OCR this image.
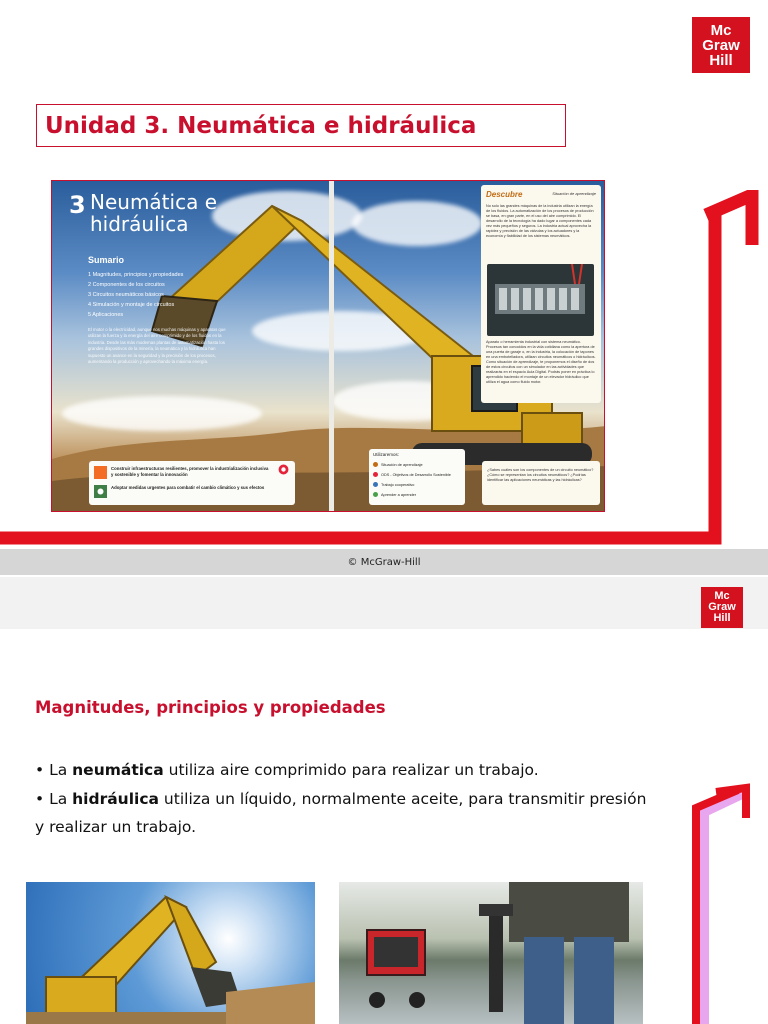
Mc
Graw
Hill
Unidad 3. Neumática e hidráulica
3 Neumática e hidráulica
Sumario
1 Magnitudes, principios y propiedades
2 Componentes de los circuitos
3 Circuitos neumáticos básicos
4 Simulación y montaje de circuitos
5 Aplicaciones
El motor o la electricidad, aunque nos muchas máquinas y aparatos que utilizan la fuerza y la energía del aire comprimido y de los fluidos en la industria. Desde las más modernas plantas de automatización hasta los grandes dispositivos de la minería, la neumática y la hidráulica han supuesto un avance en la seguridad y la precisión de los procesos, aumentando la producción y aprovechando la máxima energía.
Construir infraestructuras resilientes, promover la industrialización inclusiva y sostenible y fomentar la innovación
Adoptar medidas urgentes para combatir el cambio climático y sus efectos
Utilizaremos:
Situación de aprendizaje
ODS - Objetivos de Desarrollo Sostenible
Trabajo cooperativo
Aprender a aprender
Descubre	Situación de aprendizaje
No solo las grandes máquinas de la industria utilizan la energía de los fluidos. La automatización de los procesos de producción se basa, en gran parte, en el uso del aire comprimido. El desarrollo de la tecnología ha dado lugar a componentes cada vez más pequeños y seguros. La industria actual aprovecha la rapidez y precisión de las válvulas y los actuadores y la economía y fiabilidad de los sistemas neumáticos.
Aparato o herramienta industrial con sistema neumático. Procesos tan conocidos en la vida cotidiana como la apertura de una puerta de garaje o, en la industria, la colocación de tapones en una embotelladora, utilizan circuitos neumáticos o hidráulicos. Como situación de aprendizaje, te proponemos el diseño de dos de estos circuitos con un simulador en las actividades que realizarás en el espacio Aula Digital. Podrás poner en práctica lo aprendido haciendo el montaje de un elevador hidráulico que utiliza el agua como fluido motor.
¿Sabes cuáles son los componentes de un circuito neumático? ¿Cómo se representan los circuitos neumáticos? ¿Podrías identificar las aplicaciones neumáticas y las hidráulicas?
© McGraw-Hill
Mc
Graw
Hill
Magnitudes, principios y propiedades
• La neumática utiliza aire comprimido para realizar un trabajo.
• La hidráulica utiliza un líquido, normalmente aceite, para transmitir presión y realizar un trabajo.
